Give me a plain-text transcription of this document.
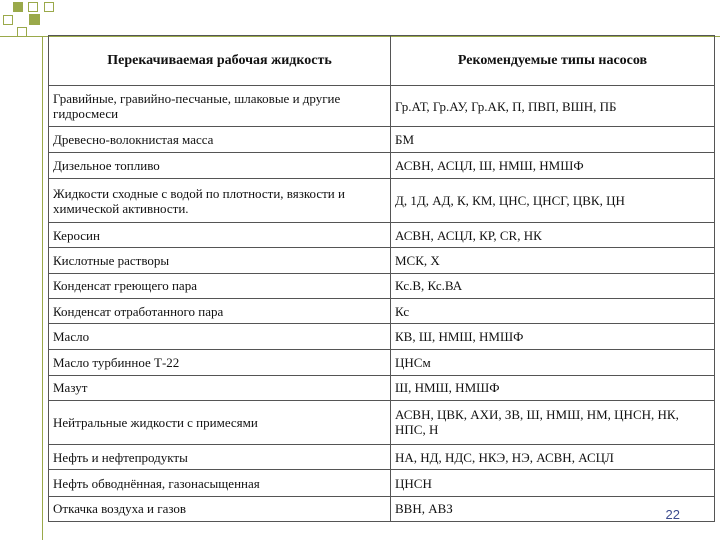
Перекачиваемая рабочая жидкость	Рекомендуемые типы насосов
Гравийные, гравийно-песчаные, шлаковые и другие гидросмеси	Гр.АТ, Гр.АУ, Гр.АК, П, ПВП, ВШН, ПБ
Древесно-волокнистая масса	БМ
Дизельное топливо	АСВН, АСЦЛ, Ш, НМШ, НМШФ
Жидкости сходные с водой по плотности, вязкости и химической активности.	Д, 1Д, АД, К, КМ, ЦНС, ЦНСГ, ЦВК, ЦН
Керосин	АСВН, АСЦЛ, КР, CR, НК
Кислотные растворы	МСК, Х
Конденсат греющего пара	Кс.В, Кс.ВА
Конденсат отработанного пара	Кс
Масло	КВ, Ш, НМШ, НМШФ
Масло турбинное Т-22	ЦНСм
Мазут	Ш, НМШ, НМШФ
Нейтральные жидкости с примесями	АСВН, ЦВК, АХИ, ЗВ, Ш, НМШ, НМ, ЦНСН, НК, НПС, Н
Нефть и нефтепродукты	НА, НД, НДС, НКЭ, НЭ, АСВН, АСЦЛ
Нефть обводнённая, газонасыщенная	ЦНСН
Откачка воздуха и газов	ВВН, АВЗ	22
